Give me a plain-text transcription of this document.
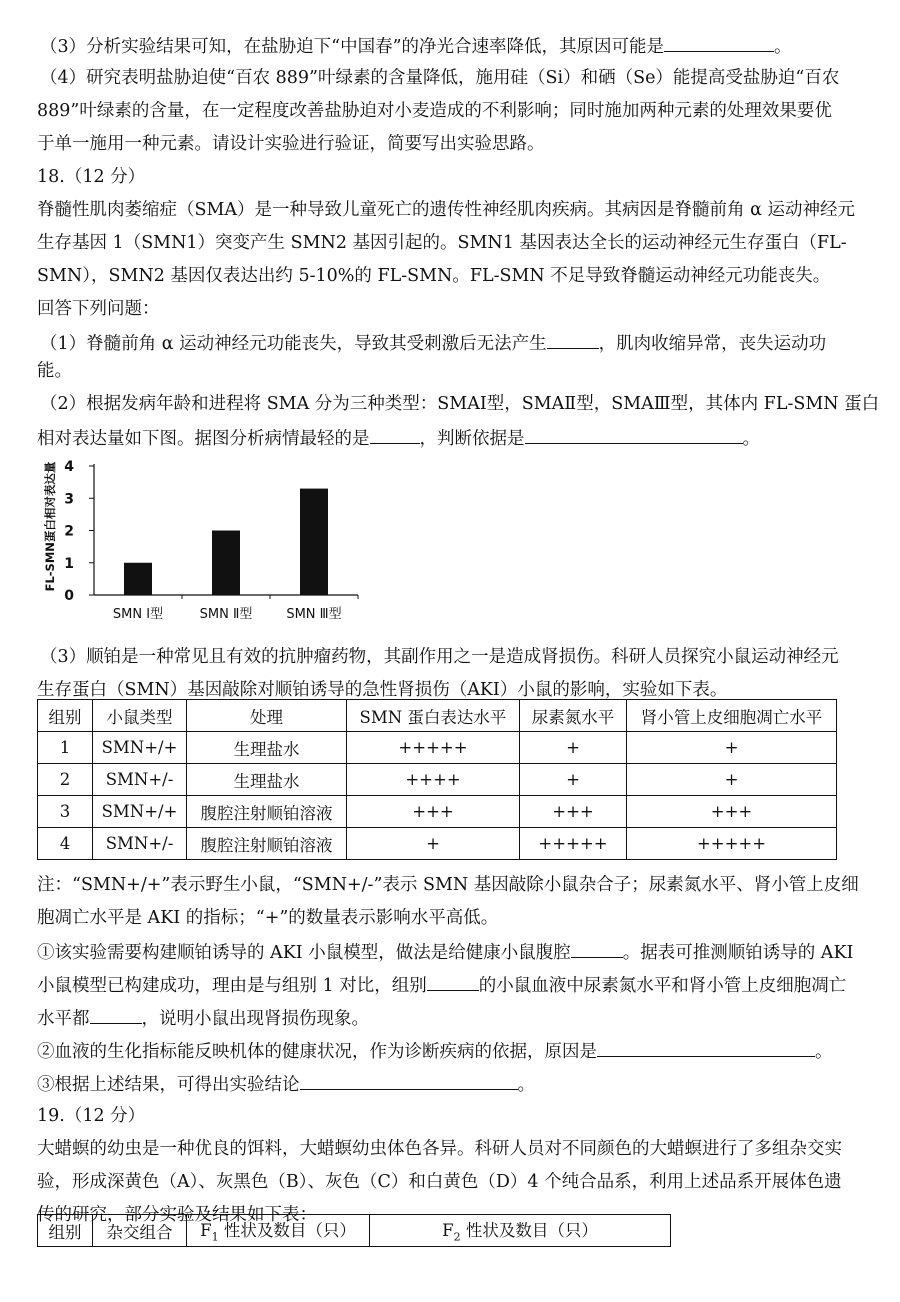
（3）分析实验结果可知，在盐胁迫下“中国春”的净光合速率降低，其原因可能是	。
（4）研究表明盐胁迫使“百农 889”叶绿素的含量降低，施用硅（Si）和硒（Se）能提高受盐胁迫“百农
889”叶绿素的含量，在一定程度改善盐胁迫对小麦造成的不利影响；同时施加两种元素的处理效果要优
于单一施用一种元素。请设计实验进行验证，简要写出实验思路。
18.（12 分）
脊髓性肌肉萎缩症（SMA）是一种导致儿童死亡的遗传性神经肌肉疾病。其病因是脊髓前角 α 运动神经元
生存基因 1（SMN1）突变产生 SMN2 基因引起的。SMN1 基因表达全长的运动神经元生存蛋白（FL-
SMN），SMN2 基因仅表达出约 5-10%的 FL-SMN。FL-SMN 不足导致脊髓运动神经元功能丧失。
回答下列问题：
（1）脊髓前角 α 运动神经元功能丧失，导致其受刺激后无法产生	，肌肉收缩异常，丧失运动功
能。
（2）根据发病年龄和进程将 SMA 分为三种类型：SMAⅠ型，SMAⅡ型，SMAⅢ型，其体内 FL-SMN 蛋白
相对表达量如下图。据图分析病情最轻的是	，判断依据是	。
0
1
2
3
4
SMN Ⅰ型	SMN Ⅱ型	SMN Ⅲ型
FL-SMN蛋白相对表达量
（3）顺铂是一种常见且有效的抗肿瘤药物，其副作用之一是造成肾损伤。科研人员探究小鼠运动神经元
生存蛋白（SMN）基因敲除对顺铂诱导的急性肾损伤（AKI）小鼠的影响，实验如下表。
组别	小鼠类型	处理	SMN 蛋白表达水平	尿素氮水平	肾小管上皮细胞凋亡水平
1	SMN+/+	生理盐水	+++++	+	+
2	SMN+/-	生理盐水	++++	+	+
3	SMN+/+	腹腔注射顺铂溶液	+++	+++	+++
4	SMN+/-	腹腔注射顺铂溶液	+	+++++	+++++
注：“SMN+/+”表示野生小鼠，“SMN+/-”表示 SMN 基因敲除小鼠杂合子；尿素氮水平、肾小管上皮细
胞凋亡水平是 AKI 的指标；“+”的数量表示影响水平高低。
①该实验需要构建顺铂诱导的 AKI 小鼠模型，做法是给健康小鼠腹腔	。据表可推测顺铂诱导的 AKI
小鼠模型已构建成功，理由是与组别 1 对比，组别	的小鼠血液中尿素氮水平和肾小管上皮细胞凋亡
水平都	，说明小鼠出现肾损伤现象。
②血液的生化指标能反映机体的健康状况，作为诊断疾病的依据，原因是	。
③根据上述结果，可得出实验结论	。
19.（12 分）
大蜡螟的幼虫是一种优良的饵料，大蜡螟幼虫体色各异。科研人员对不同颜色的大蜡螟进行了多组杂交实
验，形成深黄色（A）、灰黑色（B）、灰色（C）和白黄色（D）4 个纯合品系，利用上述品系开展体色遗
传的研究，部分实验及结果如下表：
组别	杂交组合	$F_1$ 性状及数目（只）	$F_2$ 性状及数目（只）
